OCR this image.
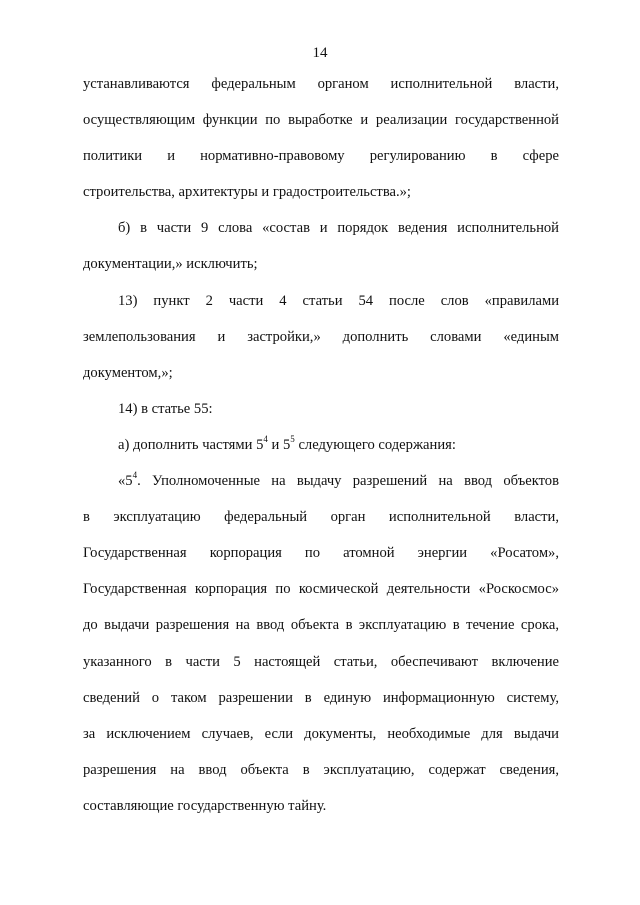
14
устанавливаются федеральным органом исполнительной власти,
осуществляющим функции по выработке и реализации государственной
политики и нормативно-правовому регулированию в сфере
строительства, архитектуры и градостроительства.»;
б) в части 9 слова «состав и порядок ведения исполнительной
документации,» исключить;
13) пункт 2 части 4 статьи 54 после слов «правилами
землепользования и застройки,» дополнить словами «единым
документом,»;
14) в статье 55:
а) дополнить частями $5^4$ и $5^5$ следующего содержания:
«$5^4$. Уполномоченные на выдачу разрешений на ввод объектов
в эксплуатацию федеральный орган исполнительной власти,
Государственная корпорация по атомной энергии «Росатом»,
Государственная корпорация по космической деятельности «Роскосмос»
до выдачи разрешения на ввод объекта в эксплуатацию в течение срока,
указанного в части 5 настоящей статьи, обеспечивают включение
сведений о таком разрешении в единую информационную систему,
за исключением случаев, если документы, необходимые для выдачи
разрешения на ввод объекта в эксплуатацию, содержат сведения,
составляющие государственную тайну.
